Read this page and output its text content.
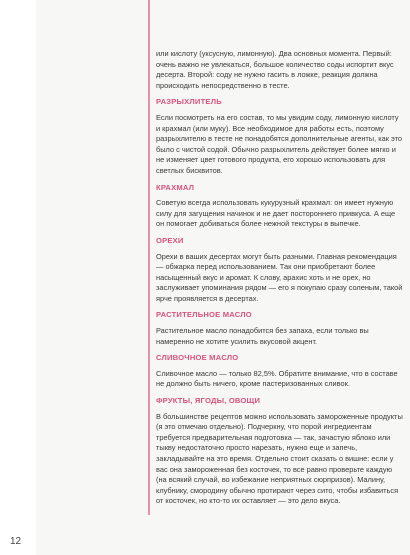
или кислоту (уксусную, лимонную). Два основных момента. Первый: очень важно не увлекаться, большое количество соды испортит вкус десерта. Второй: соду не нужно гасить в ложке, реакция должна происходить непосредственно в тесте.

РАЗРЫХЛИТЕЛЬ

Если посмотреть на его состав, то мы увидим соду, лимонную кислоту и крахмал (или муку). Все необходимое для работы есть, поэтому разрыхлителю в тесте не понадобятся дополнительные агенты, как это было с чистой содой. Обычно разрыхлитель действует более мягко и не изменяет цвет готового продукта, его хорошо использовать для светлых бисквитов.

КРАХМАЛ

Советую всегда использовать кукурузный крахмал: он имеет нужную силу для загущения начинок и не дает постороннего привкуса. А еще он помогает добиваться более нежной текстуры в выпечке.

ОРЕХИ

Орехи в ваших десертах могут быть разными. Главная рекомендация — обжарка перед использованием. Так они приобретают более насыщенный вкус и аромат. К слову, арахис хоть и не орех, но заслуживает упоминания рядом — его я покупаю сразу соленым, такой ярче проявляется в десертах.

РАСТИТЕЛЬНОЕ МАСЛО

Растительное масло понадобится без запаха, если только вы намеренно не хотите усилить вкусовой акцент.

СЛИВОЧНОЕ МАСЛО

Сливочное масло — только 82,5%. Обратите внимание, что в составе не должно быть ничего, кроме пастеризованных сливок.

ФРУКТЫ, ЯГОДЫ, ОВОЩИ

В большинстве рецептов можно использовать замороженные продукты (я это отмечаю отдельно). Подчеркну, что порой ингредиентам требуется предварительная подготовка — так, зачастую яблоко или тыкву недостаточно просто нарезать, нужно еще и запечь, закладывайте на это время. Отдельно стоит сказать о вишне: если у вас она замороженная без косточек, то все равно проверьте каждую (на всякий случай, во избежание неприятных сюрпризов). Малину, клубнику, смородину обычно протирают через сито, чтобы избавиться от косточек, но кто-то их оставляет — это дело вкуса.

12
